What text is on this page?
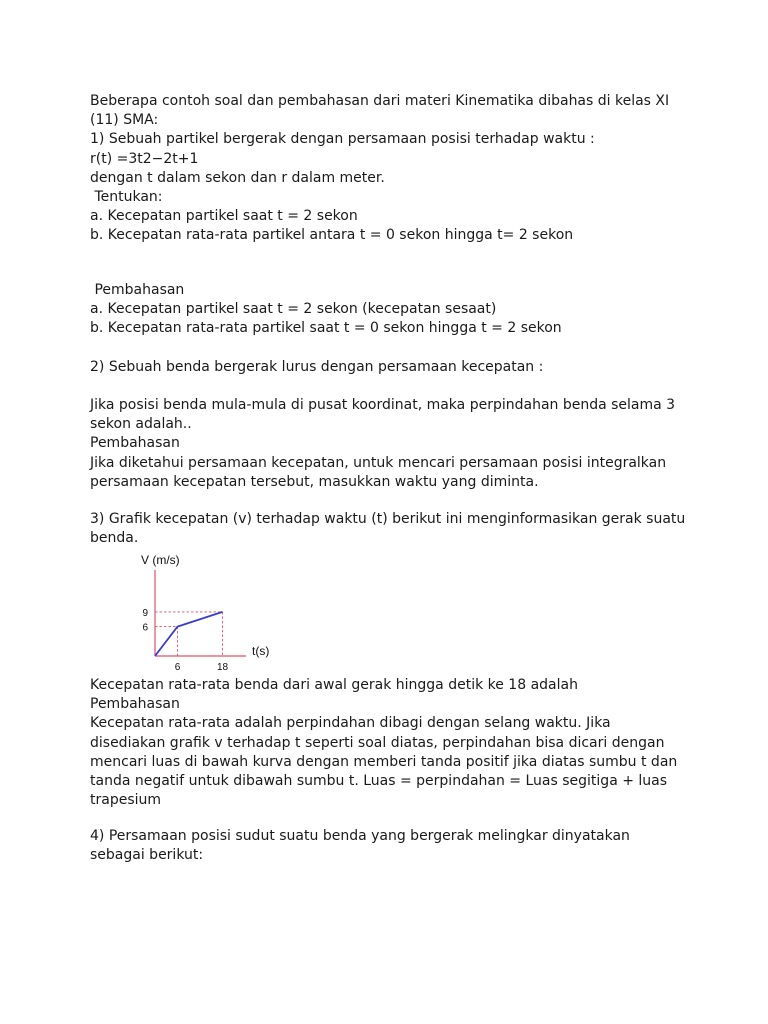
Beberapa contoh soal dan pembahasan dari materi Kinematika dibahas di kelas XI
(11) SMA:
1) Sebuah partikel bergerak dengan persamaan posisi terhadap waktu :
r(t) =3t2−2t+1
dengan t dalam sekon dan r dalam meter.
Tentukan:
a. Kecepatan partikel saat t = 2 sekon
b. Kecepatan rata-rata partikel antara t = 0 sekon hingga t= 2 sekon
Pembahasan
a. Kecepatan partikel saat t = 2 sekon (kecepatan sesaat)
b. Kecepatan rata-rata partikel saat t = 0 sekon hingga t = 2 sekon
2) Sebuah benda bergerak lurus dengan persamaan kecepatan :
Jika posisi benda mula-mula di pusat koordinat, maka perpindahan benda selama 3
sekon adalah..
Pembahasan
Jika diketahui persamaan kecepatan, untuk mencari persamaan posisi integralkan
persamaan kecepatan tersebut, masukkan waktu yang diminta.
3) Grafik kecepatan (v) terhadap waktu (t) berikut ini menginformasikan gerak suatu
benda.
9
6
6	18
V (m/s)
t(s)
Kecepatan rata-rata benda dari awal gerak hingga detik ke 18 adalah
Pembahasan
Kecepatan rata-rata adalah perpindahan dibagi dengan selang waktu. Jika
disediakan grafik v terhadap t seperti soal diatas, perpindahan bisa dicari dengan
mencari luas di bawah kurva dengan memberi tanda positif jika diatas sumbu t dan
tanda negatif untuk dibawah sumbu t. Luas = perpindahan = Luas segitiga + luas
trapesium
4) Persamaan posisi sudut suatu benda yang bergerak melingkar dinyatakan
sebagai berikut:
